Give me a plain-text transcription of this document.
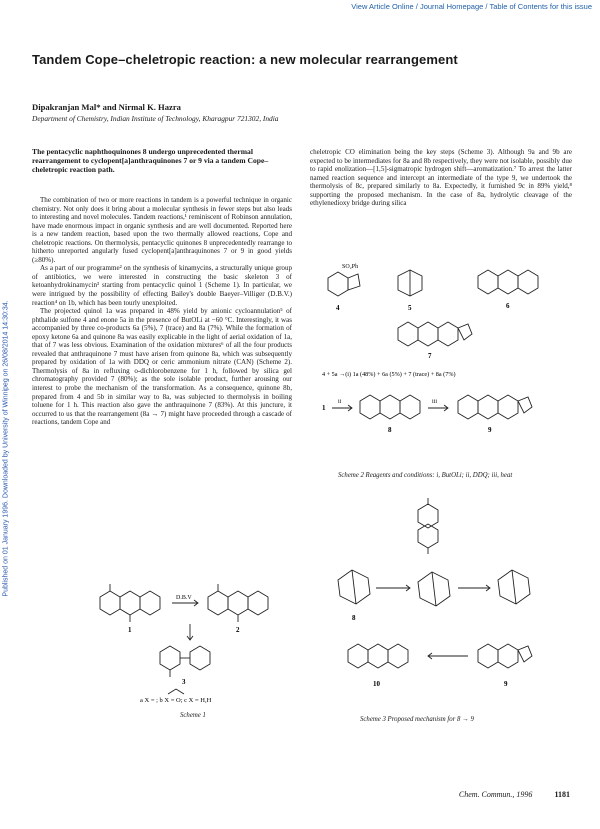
View Article Online / Journal Homepage / Table of Contents for this issue
Published on 01 January 1996. Downloaded by University of Winnipeg on 26/08/2014 14:30:34.
Tandem Cope–cheletropic reaction: a new molecular rearrangement
Dipakranjan Mal* and Nirmal K. Hazra
Department of Chemistry, Indian Institute of Technology, Kharagpur 721302, India
The pentacyclic naphthoquinones 8 undergo unprecedented thermal rearrangement to cyclopent[a]anthraquinones 7 or 9 via a tandem Cope–cheletropic reaction path.

The combination of two or more reactions in tandem is a powerful technique in organic chemistry. Not only does it bring about a molecular synthesis in fewer steps but also leads to interesting and novel molecules. Tandem reactions,¹ reminiscent of Robinson annulation, have made enormous impact in organic synthesis and are well documented. Reported here is a new tandem reaction, based upon the two thermally allowed reactions, Cope and cheletropic reactions. On thermolysis, pentacyclic quinones 8 unprecedentedly rearrange to hitherto unreported angularly fused cyclopent[a]anthraquinones 7 or 9 in good yields (≥80%).

As a part of our programme² on the synthesis of kinamycins, a structurally unique group of antibiotics, we were interested in constructing the basic skeleton 3 of ketoanhydrokinamycin³ starting from pentacyclic quinol 1 (Scheme 1). In particular, we were intrigued by the possibility of effecting Bailey's double Baeyer–Villiger (D.B.V.) reaction⁴ on 1b, which has been tourly unexploited.

The projected quinol 1a was prepared in 48% yield by anionic cycloannulation⁵ of phthalide sulfone 4 and enone 5a in the presence of ButOLi at −60 °C. Interestingly, it was accompanied by three co-products 6a (5%), 7 (trace) and 8a (7%). While the formation of epoxy ketone 6a and quinone 8a was easily explicable in the light of aerial oxidation of 1a, that of 7 was less obvious. Examination of the oxidation mixtures⁶ of all the four products revealed that anthraquinone 7 must have arisen from quinone 8a, which was subsequently prepared by oxidation of 1a with DDQ or ceric ammonium nitrate (CAN) (Scheme 2). Thermolysis of 8a in refluxing o-dichlorobenzene for 1 h, followed by silica gel chromatography provided 7 (80%); as the sole isolable product, further arousing our interest to probe the mechanism of the transformation. As a consequence, quinone 8b, prepared from 4 and 5b in similar way to 8a, was subjected to thermolysis in boiling toluene for 1 h. This reaction also gave the anthraquinone 7 (83%). At this juncture, it occurred to us that the rearrangement (8a → 7) might have proceeded through a cascade of reactions, tandem Cope and

cheletropic CO elimination being the key steps (Scheme 3). Although 9a and 9b are expected to be intermediates for 8a and 8b respectively, they were not isolable, possibly due to rapid enolization—[1,5]-sigmatropic hydrogen shift—aromatization.⁷ To arrest the latter named reaction sequence and intercept an intermediate of the type 9, we undertook the thermolysis of 8c, prepared similarly to 8a. Expectedly, it furnished 9c in 89% yield,⁸ supporting the proposed mechanism. In the case of 8a, hydrolytic cleavage of the ethylenedioxy bridge during silica

1
D.B.V
2
3
a X = ; b X = O; c X = H,H
Scheme 1
SO₂Ph
4	5	6
7
4 + 5a →(i) 1a (48%) + 6a (5%) + 7 (trace) + 8a (7%)
1
ii
8
iii
9
Scheme 2 Reagents and conditions: i, ButOLi; ii, DDQ; iii, heat
8
10	9
Scheme 3 Proposed mechanism for 8 → 9
Chem. Commun., 1996	1181
